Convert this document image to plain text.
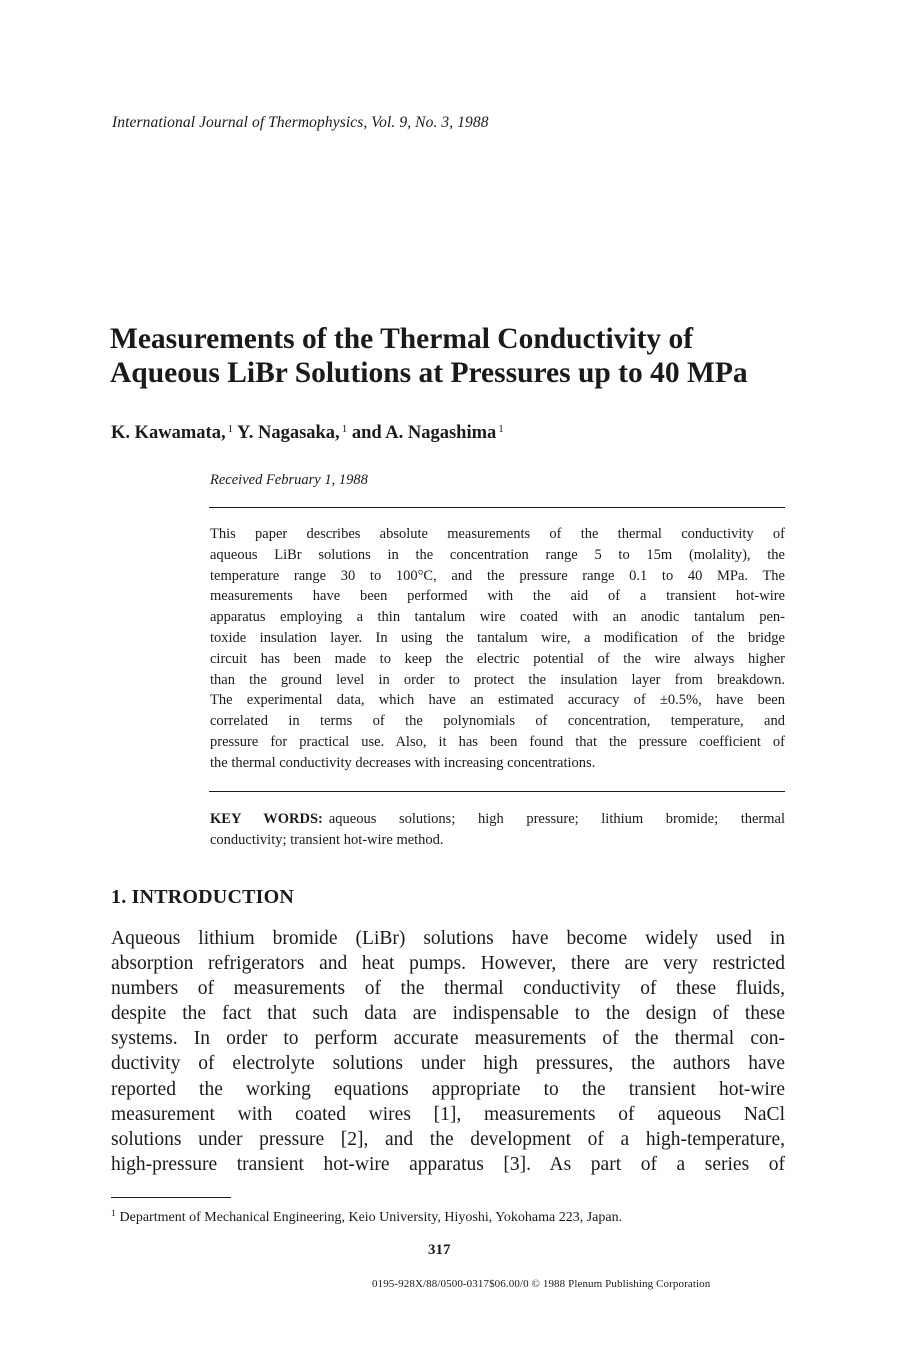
International Journal of Thermophysics, Vol. 9, No. 3, 1988
Measurements of the Thermal Conductivity of
Aqueous LiBr Solutions at Pressures up to 40 MPa
K. Kawamata, $^1$ Y. Nagasaka, $^1$ and A. Nagashima $^1$
Received February 1, 1988
This paper describes absolute measurements of the thermal conductivity of
aqueous LiBr solutions in the concentration range 5 to 15m (molality), the
temperature range 30 to 100°C, and the pressure range 0.1 to 40 MPa. The
measurements have been performed with the aid of a transient hot-wire
apparatus employing a thin tantalum wire coated with an anodic tantalum pen-
toxide insulation layer. In using the tantalum wire, a modification of the bridge
circuit has been made to keep the electric potential of the wire always higher
than the ground level in order to protect the insulation layer from breakdown.
The experimental data, which have an estimated accuracy of ±0.5%, have been
correlated in terms of the polynomials of concentration, temperature, and
pressure for practical use. Also, it has been found that the pressure coefficient of
the thermal conductivity decreases with increasing concentrations.
KEY WORDS: aqueous solutions; high pressure; lithium bromide; thermal
conductivity; transient hot-wire method.
1. INTRODUCTION
Aqueous lithium bromide (LiBr) solutions have become widely used in
absorption refrigerators and heat pumps. However, there are very restricted
numbers of measurements of the thermal conductivity of these fluids,
despite the fact that such data are indispensable to the design of these
systems. In order to perform accurate measurements of the thermal con-
ductivity of electrolyte solutions under high pressures, the authors have
reported the working equations appropriate to the transient hot-wire
measurement with coated wires [1], measurements of aqueous NaCl
solutions under pressure [2], and the development of a high-temperature,
high-pressure transient hot-wire apparatus [3]. As part of a series of
$^1$ Department of Mechanical Engineering, Keio University, Hiyoshi, Yokohama 223, Japan.
317
0195-928X/88/0500-0317$06.00/0 © 1988 Plenum Publishing Corporation
